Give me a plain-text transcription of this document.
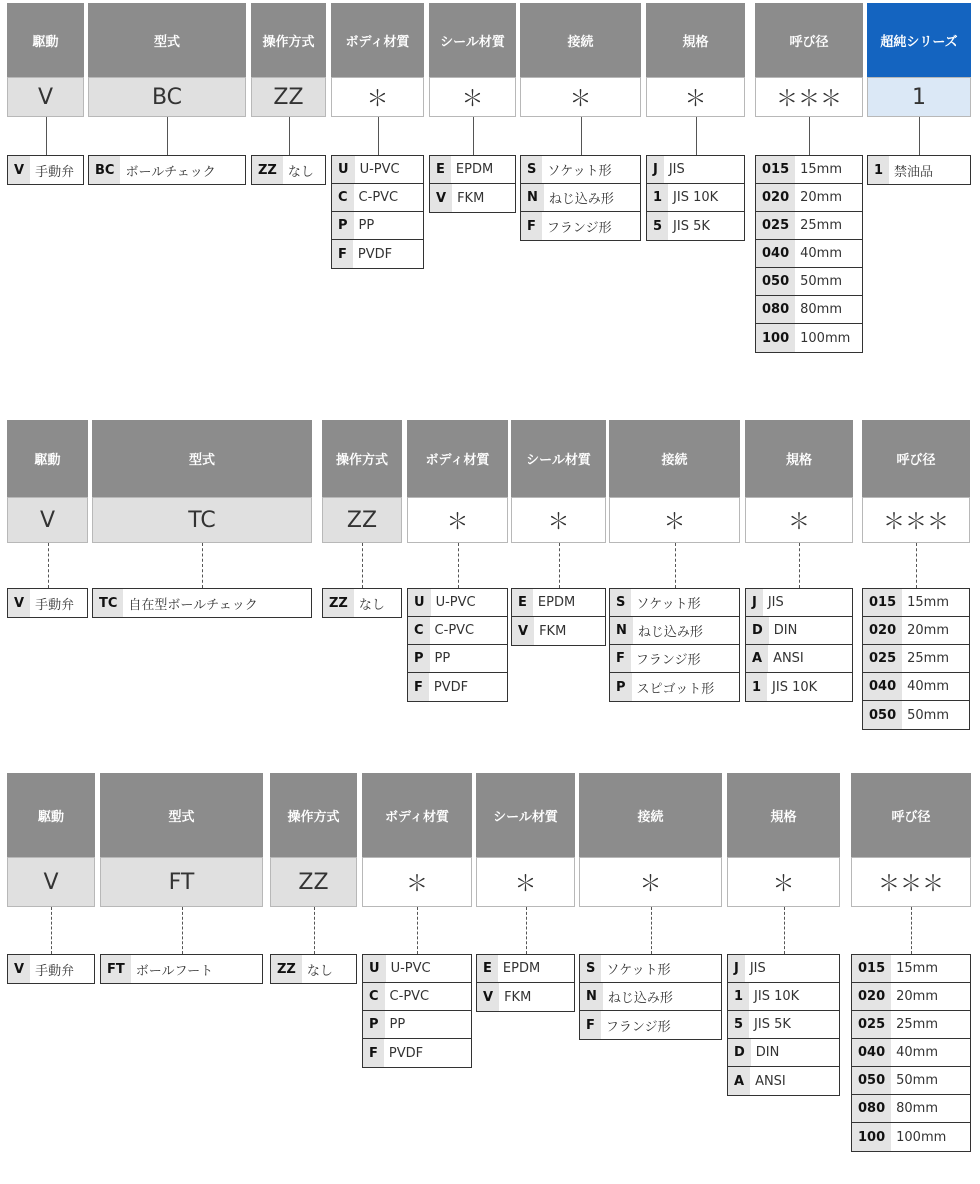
駆動
V
V 手動弁
型式
BC
BC ボールチェック
操作方式
ZZ
ZZ なし
ボディ材質
＊
U U-PVC
C C-PVC
P PP
F PVDF
シール材質
＊
E EPDM
V FKM
接続
＊
S ソケット形
N ねじ込み形
F フランジ形
規格
＊
J JIS
1 JIS 10K
5 JIS 5K
呼び径
＊＊＊
015 15mm
020 20mm
025 25mm
040 40mm
050 50mm
080 80mm
100 100mm
超純シリーズ
1
1 禁油品
駆動
V
V 手動弁
型式
TC
TC 自在型ボールチェック
操作方式
ZZ
ZZ なし
ボディ材質
＊
U U-PVC
C C-PVC
P PP
F PVDF
シール材質
＊
E EPDM
V FKM
接続
＊
S ソケット形
N ねじ込み形
F フランジ形
P スピゴット形
規格
＊
J JIS
D DIN
A ANSI
1 JIS 10K
呼び径
＊＊＊
015 15mm
020 20mm
025 25mm
040 40mm
050 50mm
駆動
V
V 手動弁
型式
FT
FT ボールフート
操作方式
ZZ
ZZ なし
ボディ材質
＊
U U-PVC
C C-PVC
P PP
F PVDF
シール材質
＊
E EPDM
V FKM
接続
＊
S ソケット形
N ねじ込み形
F フランジ形
規格
＊
J JIS
1 JIS 10K
5 JIS 5K
D DIN
A ANSI
呼び径
＊＊＊
015 15mm
020 20mm
025 25mm
040 40mm
050 50mm
080 80mm
100 100mm
